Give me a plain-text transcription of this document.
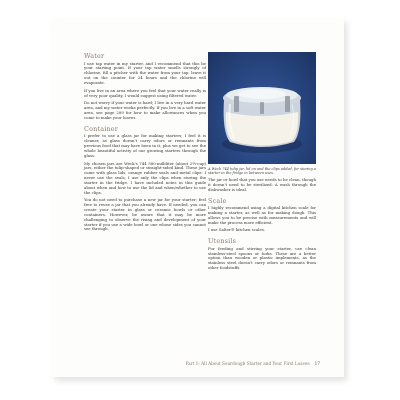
Water

I use tap water in my starter, and I recommend that this be your starting point. If your tap water smells strongly of chlorine, fill a pitcher with the water from your tap, leave it out on the counter for 24 hours and the chlorine will evaporate.

If you live in an area where you feel that your water really is of very poor quality, I would suggest using filtered water.

Do not worry if your water is hard; I live in a very hard water area, and my water works perfectly. If you live in a soft water area, see page 289 for how to make allowances when you come to make your loaves.

Container

I prefer to use a glass jar for making starters; I feel it is cleaner, as glass doesn't carry odors or remnants from previous food that may have been in it, plus we get to see the whole beautiful activity of our growing starters through the glass.

My chosen jars are Weck's 744 580-milliliter (about 2½-cup) jars, either the tulip-shaped or straight-sided kind. These jars come with glass lids, orange rubber seals and metal clips. I never use the seals; I use only the clips when storing the starter in the fridge. I have included notes in this guide about when and how to use the lid and when/whether to use the clips.

You do not need to purchase a new jar for your starter; feel free to reuse a jar that you already have. If needed, you can create your starter in glass or ceramic bowls or other containers. However, be aware that it may be more challenging to observe the rising and development of your starter if you use a wide bowl or one whose sides you cannot see through.

A Weck 744 tulip jar, lid on and the clips added, for storing a starter in the fridge in between uses.

The jar or bowl that you use needs to be clean, though it doesn't need to be sterilized. A wash through the dishwasher is ideal.

Scale

I highly recommend using a digital kitchen scale for making a starter, as well as for making dough. This allows you to be precise with measurements and will make the process more efficient.

I use Salter® kitchen scales.

Utensils

For feeding and stirring your starter, use clean stainless-steel spoons or forks. These are a better option than wooden or plastic implements, as the stainless steel doesn't carry odors or remnants from other foodstuffs.

Part 1: All About Sourdough Starter and Your First Loaves 17
